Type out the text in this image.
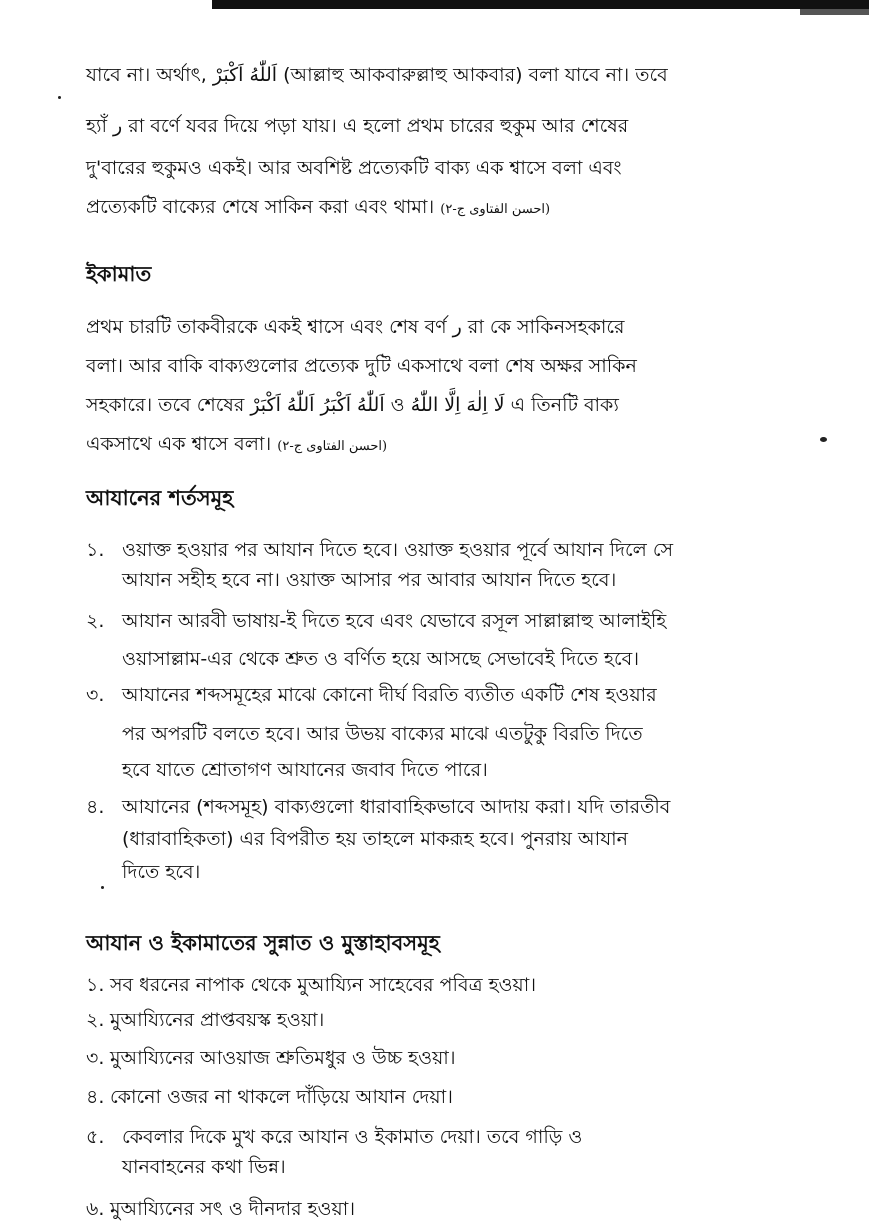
যাবে না। অর্থাৎ, اَللّٰهُ اَكْبَرْ (আল্লাহু আকবারুল্লাহু আকবার) বলা যাবে না। তবে
হ্যাঁ ر রা বর্ণে যবর দিয়ে পড়া যায়। এ হলো প্রথম চারের হুকুম আর শেষের
দু'বারের হুকুমও একই। আর অবশিষ্ট প্রত্যেকটি বাক্য এক শ্বাসে বলা এবং
প্রত্যেকটি বাক্যের শেষে সাকিন করা এবং থামা। (احسن الفتاوی ج-۲)
ইকামাত
প্রথম চারটি তাকবীরকে একই শ্বাসে এবং শেষ বর্ণ ر রা কে সাকিনসহকারে
বলা। আর বাকি বাক্যগুলোর প্রত্যেক দুটি একসাথে বলা শেষ অক্ষর সাকিন
সহকারে। তবে শেষের اَللّٰهُ اَكْبَرُ اَللّٰهُ اَكْبَرْ ও لَا اِلٰهَ اِلَّا اللّٰهُ এ তিনটি বাক্য
একসাথে এক শ্বাসে বলা। (احسن الفتاوی ج-۲)
আযানের শর্তসমূহ
১. ওয়াক্ত হওয়ার পর আযান দিতে হবে। ওয়াক্ত হওয়ার পূর্বে আযান দিলে সে
আযান সহীহ হবে না। ওয়াক্ত আসার পর আবার আযান দিতে হবে।
২. আযান আরবী ভাষায়-ই দিতে হবে এবং যেভাবে রসূল সাল্লাল্লাহু আলাইহি
ওয়াসাল্লাম-এর থেকে শ্রুত ও বর্ণিত হয়ে আসছে সেভাবেই দিতে হবে।
৩. আযানের শব্দসমূহের মাঝে কোনো দীর্ঘ বিরতি ব্যতীত একটি শেষ হওয়ার
পর অপরটি বলতে হবে। আর উভয় বাক্যের মাঝে এতটুকু বিরতি দিতে
হবে যাতে শ্রোতাগণ আযানের জবাব দিতে পারে।
৪. আযানের (শব্দসমূহ) বাক্যগুলো ধারাবাহিকভাবে আদায় করা। যদি তারতীব
(ধারাবাহিকতা) এর বিপরীত হয় তাহলে মাকরূহ হবে। পুনরায় আযান
দিতে হবে।
আযান ও ইকামাতের সুন্নাত ও মুস্তাহাবসমূহ
১. সব ধরনের নাপাক থেকে মুআয্যিন সাহেবের পবিত্র হওয়া।
২. মুআয্যিনের প্রাপ্তবয়স্ক হওয়া।
৩. মুআয্যিনের আওয়াজ শ্রুতিমধুর ও উচ্চ হওয়া।
৪. কোনো ওজর না থাকলে দাঁড়িয়ে আযান দেয়া।
৫. কেবলার দিকে মুখ করে আযান ও ইকামাত দেয়া। তবে গাড়ি ও
যানবাহনের কথা ভিন্ন।
৬. মুআয্যিনের সৎ ও দীনদার হওয়া।
